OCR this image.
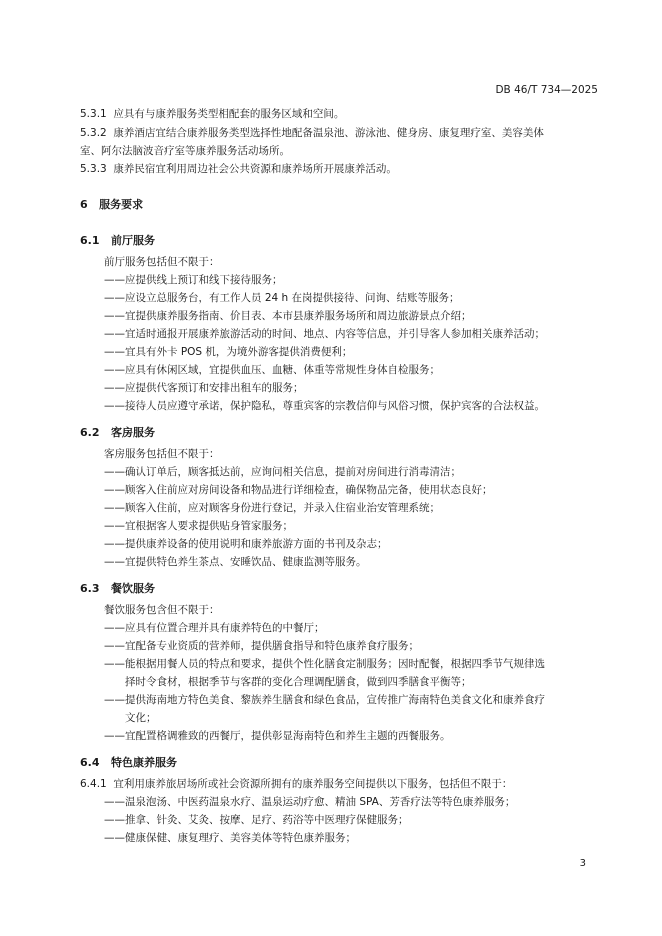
DB 46/T 734—2025
5.3.1 应具有与康养服务类型相配套的服务区域和空间。
5.3.2 康养酒店宜结合康养服务类型选择性地配备温泉池、游泳池、健身房、康复理疗室、美容美体
室、阿尔法脑波音疗室等康养服务活动场所。
5.3.3 康养民宿宜利用周边社会公共资源和康养场所开展康养活动。
6 服务要求
6.1 前厅服务
前厅服务包括但不限于：
——应提供线上预订和线下接待服务；
——应设立总服务台，有工作人员 24 h 在岗提供接待、问询、结账等服务；
——宜提供康养服务指南、价目表、本市县康养服务场所和周边旅游景点介绍；
——宜适时通报开展康养旅游活动的时间、地点、内容等信息，并引导客人参加相关康养活动；
——宜具有外卡 POS 机，为境外游客提供消费便利；
——应具有休闲区域，宜提供血压、血糖、体重等常规性身体自检服务；
——应提供代客预订和安排出租车的服务；
——接待人员应遵守承诺，保护隐私，尊重宾客的宗教信仰与风俗习惯，保护宾客的合法权益。
6.2 客房服务
客房服务包括但不限于：
——确认订单后，顾客抵达前，应询问相关信息，提前对房间进行消毒清洁；
——顾客入住前应对房间设备和物品进行详细检查，确保物品完备，使用状态良好；
——顾客入住前，应对顾客身份进行登记，并录入住宿业治安管理系统；
——宜根据客人要求提供贴身管家服务；
——提供康养设备的使用说明和康养旅游方面的书刊及杂志；
——宜提供特色养生茶点、安睡饮品、健康监测等服务。
6.3 餐饮服务
餐饮服务包含但不限于：
——应具有位置合理并具有康养特色的中餐厅；
——宜配备专业资质的营养师，提供膳食指导和特色康养食疗服务；
——能根据用餐人员的特点和要求，提供个性化膳食定制服务；因时配餐，根据四季节气规律选
择时令食材，根据季节与客群的变化合理调配膳食，做到四季膳食平衡等；
——提供海南地方特色美食、黎族养生膳食和绿色食品，宣传推广海南特色美食文化和康养食疗
文化；
——宜配置格调雅致的西餐厅，提供彰显海南特色和养生主题的西餐服务。
6.4 特色康养服务
6.4.1 宜利用康养旅居场所或社会资源所拥有的康养服务空间提供以下服务，包括但不限于：
——温泉泡汤、中医药温泉水疗、温泉运动疗愈、精油 SPA、芳香疗法等特色康养服务；
——推拿、针灸、艾灸、按摩、足疗、药浴等中医理疗保健服务；
——健康保健、康复理疗、美容美体等特色康养服务；
3
